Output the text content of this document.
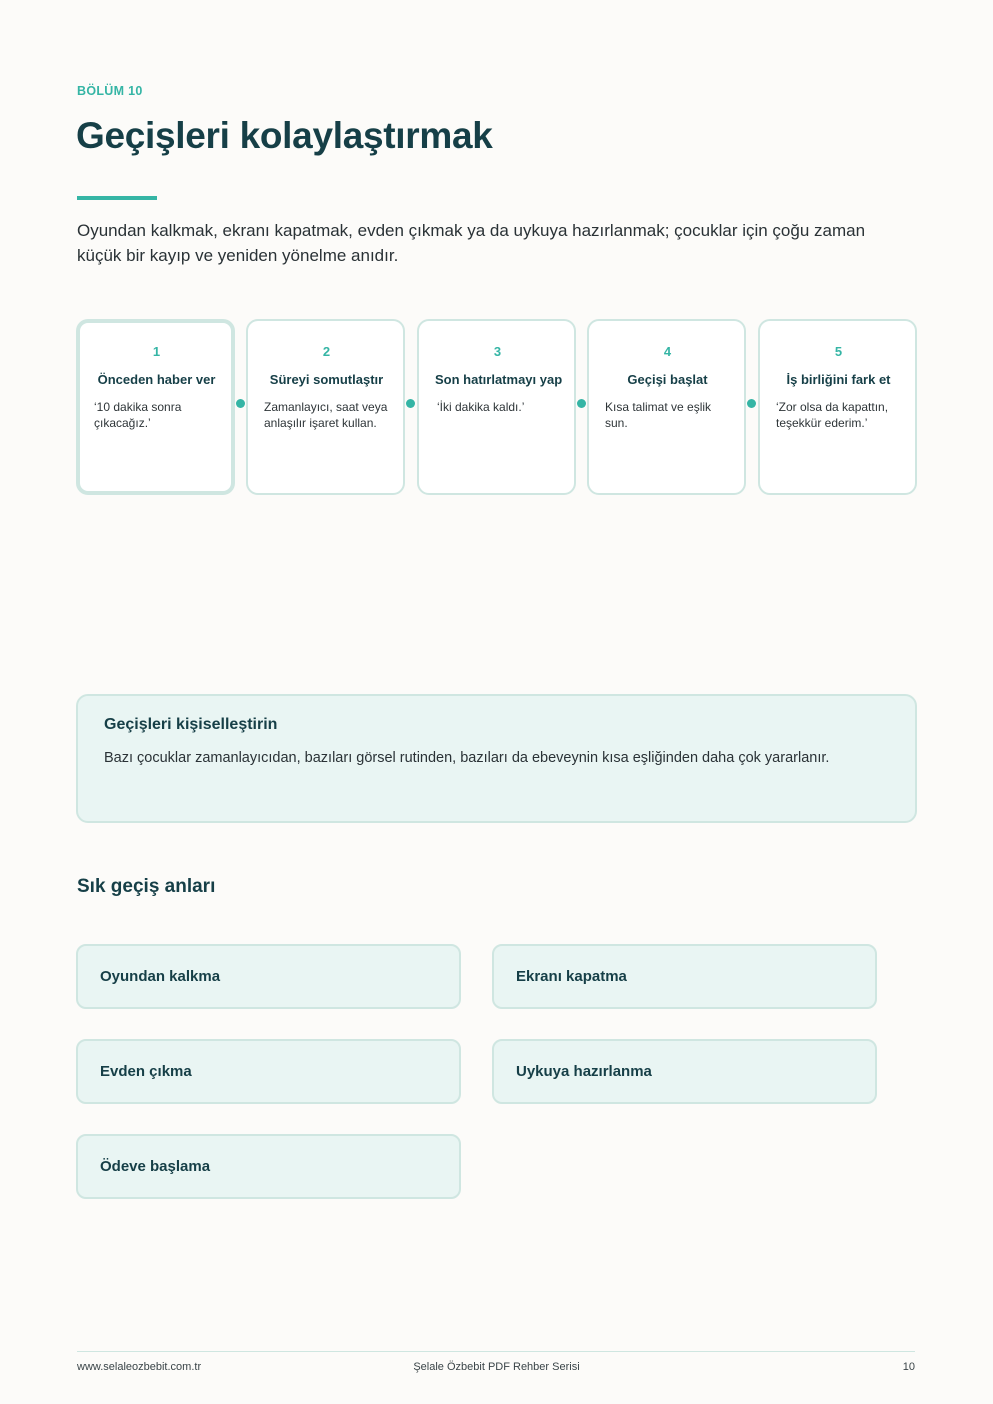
BÖLÜM 10
Geçişleri kolaylaştırmak

Oyundan kalkmak, ekranı kapatmak, evden çıkmak ya da uykuya hazırlanmak; çocuklar için çoğu zaman küçük bir kayıp ve yeniden yönelme anıdır.

1
Önceden haber ver
‘10 dakika sonra çıkacağız.’
2
Süreyi somutlaştır
Zamanlayıcı, saat veya anlaşılır işaret kullan.
3
Son hatırlatmayı yap
‘İki dakika kaldı.’
4
Geçişi başlat
Kısa talimat ve eşlik sun.
5
İş birliğini fark et
‘Zor olsa da kapattın, teşekkür ederim.’
Geçişleri kişiselleştirin
Bazı çocuklar zamanlayıcıdan, bazıları görsel rutinden, bazıları da ebeveynin kısa eşliğinden daha çok yararlanır.
Sık geçiş anları
Oyundan kalkma	Ekranı kapatma
Evden çıkma	Uykuya hazırlanma
Ödeve başlama
www.selaleozbebit.com.tr	Şelale Özbebit PDF Rehber Serisi	10
